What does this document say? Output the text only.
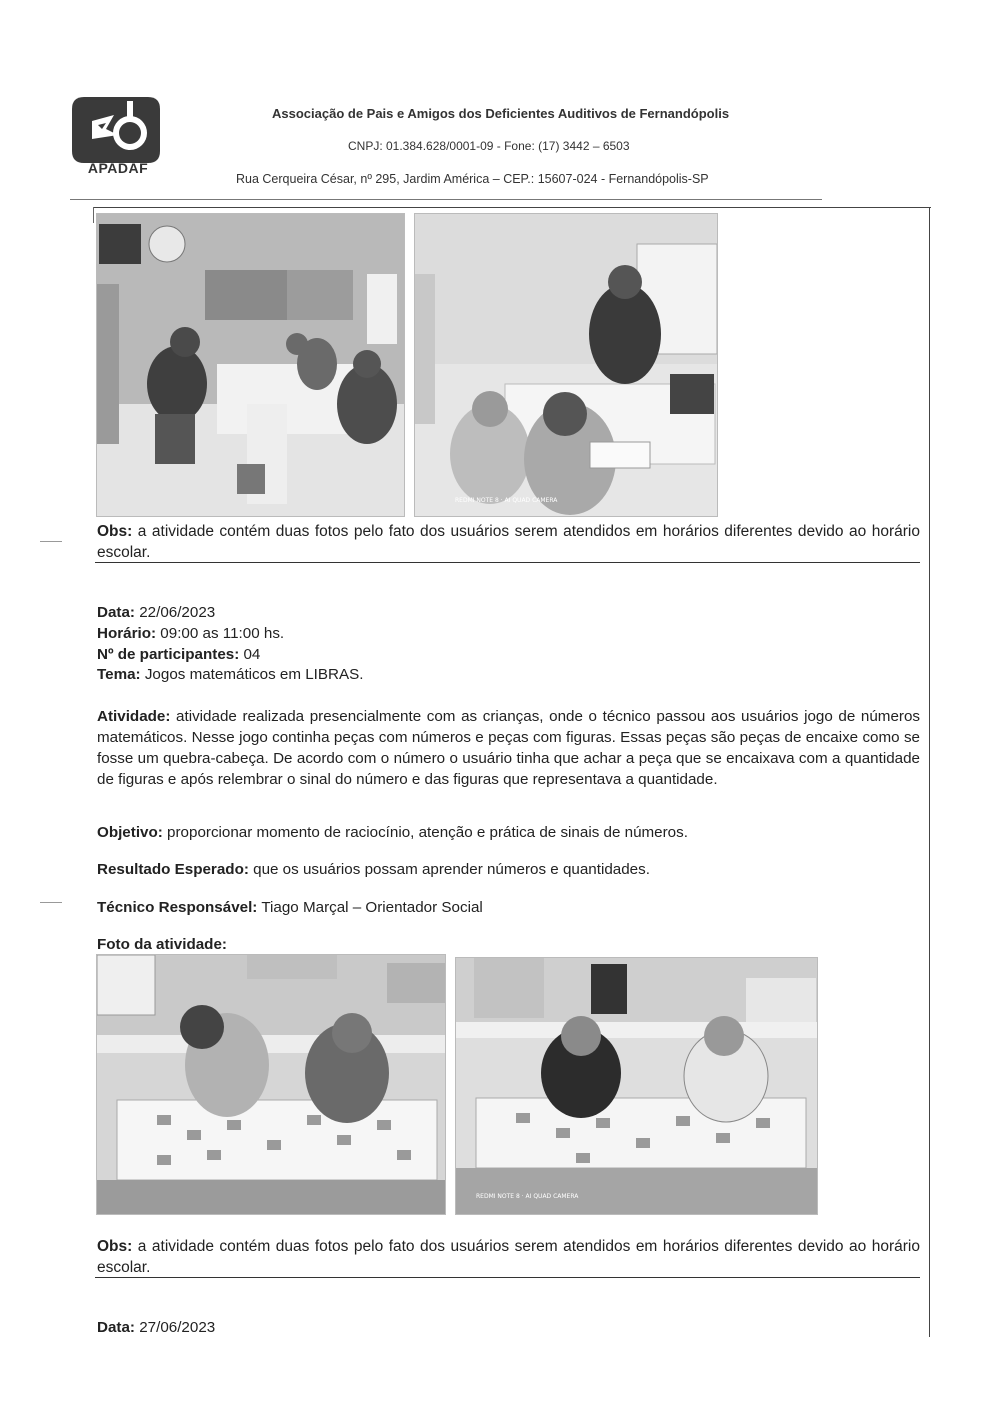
APADAF
Associação de Pais e Amigos dos Deficientes Auditivos de Fernandópolis
CNPJ: 01.384.628/0001-09 - Fone: (17) 3442 – 6503
Rua Cerqueira César, nº 295, Jardim América – CEP.: 15607-024 - Fernandópolis-SP
REDMI NOTE 8 · AI QUAD CAMERA
Obs: a atividade contém duas fotos pelo fato dos usuários serem atendidos em horários diferentes devido ao horário escolar.
Data: 22/06/2023
Horário: 09:00 as 11:00 hs.
Nº de participantes: 04
Tema: Jogos matemáticos em LIBRAS.
Atividade: atividade realizada presencialmente com as crianças, onde o técnico passou aos usuários jogo de números matemáticos. Nesse jogo continha peças com números e peças com figuras. Essas peças são peças de encaixe como se fosse um quebra-cabeça. De acordo com o número o usuário tinha que achar a peça que se encaixava com a quantidade de figuras e após relembrar o sinal do número e das figuras que representava a quantidade.
Objetivo: proporcionar momento de raciocínio, atenção e prática de sinais de números.
Resultado Esperado: que os usuários possam aprender números e quantidades.
Técnico Responsável: Tiago Marçal – Orientador Social
Foto da atividade:
REDMI NOTE 8 · AI QUAD CAMERA
Obs: a atividade contém duas fotos pelo fato dos usuários serem atendidos em horários diferentes devido ao horário escolar.
Data: 27/06/2023
